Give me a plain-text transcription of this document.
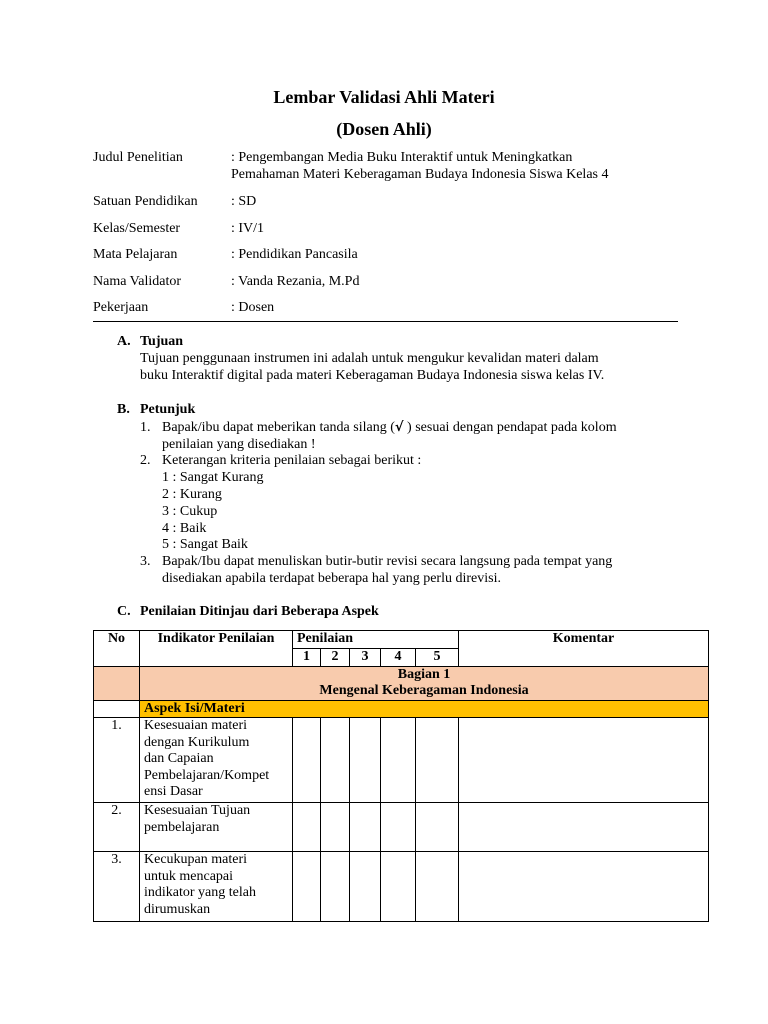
Lembar Validasi Ahli Materi
(Dosen Ahli)
Judul Penelitian	: Pengembangan Media Buku Interaktif untuk Meningkatkan
Pemahaman Materi Keberagaman Budaya Indonesia Siswa Kelas 4
Satuan Pendidikan : SD
Kelas/Semester	: IV/1
Mata Pelajaran	: Pendidikan Pancasila
Nama Validator	: Vanda Rezania, M.Pd
Pekerjaan	: Dosen
A. Tujuan
Tujuan penggunaan instrumen ini adalah untuk mengukur kevalidan materi dalam
buku Interaktif digital pada materi Keberagaman Budaya Indonesia siswa kelas IV.
B. Petunjuk
1. Bapak/ibu dapat meberikan tanda silang (√ ) sesuai dengan pendapat pada kolom
penilaian yang disediakan !
2. Keterangan kriteria penilaian sebagai berikut :
1 : Sangat Kurang
2 : Kurang
3 : Cukup
4 : Baik
5 : Sangat Baik
3. Bapak/Ibu dapat menuliskan butir-butir revisi secara langsung pada tempat yang
disediakan apabila terdapat beberapa hal yang perlu direvisi.
C. Penilaian Ditinjau dari Beberapa Aspek
No	Indikator Penilaian	Penilaian					Komentar
		1	2	3	4	5	

	Bagian 1
Mengenal Keberagaman Indonesia						

	Aspek Isi/Materi						
1.	Kesesuaian materi
dengan Kurikulum
dan Capaian
Pembelajaran/Kompet
ensi Dasar						

2.	Kesesuaian Tujuan
pembelajaran						

3.	Kecukupan materi
untuk mencapai
indikator yang telah
dirumuskan						
